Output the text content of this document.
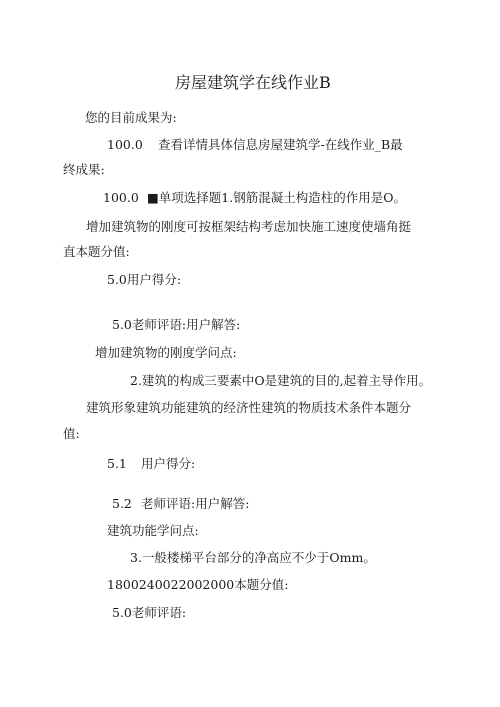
房屋建筑学在线作业B
您的目前成果为:
100.0 查看详情具体信息房屋建筑学-在线作业_B最
终成果:
100.0 ■单项选择题1.钢筋混凝土构造柱的作用是O。
增加建筑物的刚度可按框架结构考虑加快施工速度使墙角挺
直本题分值:
5.0用户得分:
5.0老师评语:用户解答:
增加建筑物的刚度学问点:
2.建筑的构成三要素中O是建筑的目的,起着主导作用。
建筑形象建筑功能建筑的经济性建筑的物质技术条件本题分
值:
5.1 用户得分:
5.2 老师评语:用户解答:
建筑功能学问点:
3.一般楼梯平台部分的净高应不少于Omm。
180024002200200​0本题分值:
5.0老师评语:
